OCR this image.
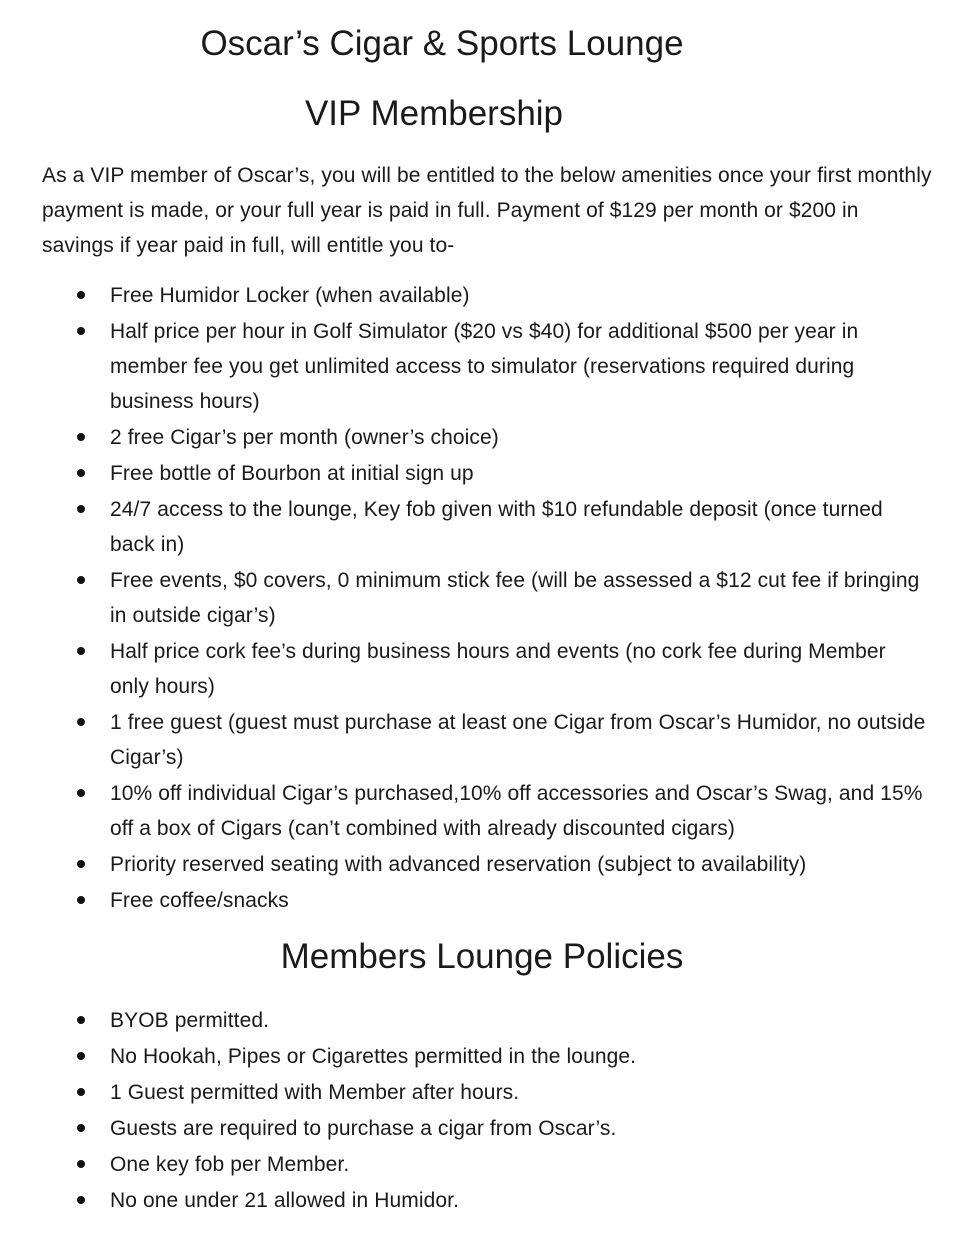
Oscar’s Cigar & Sports Lounge
VIP Membership

As a VIP member of Oscar’s, you will be entitled to the below amenities once your first monthly payment is made, or your full year is paid in full. Payment of $129 per month or $200 in savings if year paid in full, will entitle you to-

Free Humidor Locker (when available)
Half price per hour in Golf Simulator ($20 vs $40) for additional $500 per year in member fee you get unlimited access to simulator (reservations required during business hours)
2 free Cigar’s per month (owner’s choice)
Free bottle of Bourbon at initial sign up
24/7 access to the lounge, Key fob given with $10 refundable deposit (once turned back in)
Free events, $0 covers, 0 minimum stick fee (will be assessed a $12 cut fee if bringing in outside cigar’s)
Half price cork fee’s during business hours and events (no cork fee during Member only hours)
1 free guest (guest must purchase at least one Cigar from Oscar’s Humidor, no outside Cigar’s)
10% off individual Cigar’s purchased,10% off accessories and Oscar’s Swag, and 15% off a box of Cigars (can’t combined with already discounted cigars)
Priority reserved seating with advanced reservation (subject to availability)
Free coffee/snacks
Members Lounge Policies
BYOB permitted.
No Hookah, Pipes or Cigarettes permitted in the lounge.
1 Guest permitted with Member after hours.
Guests are required to purchase a cigar from Oscar’s.
One key fob per Member.
No one under 21 allowed in Humidor.
